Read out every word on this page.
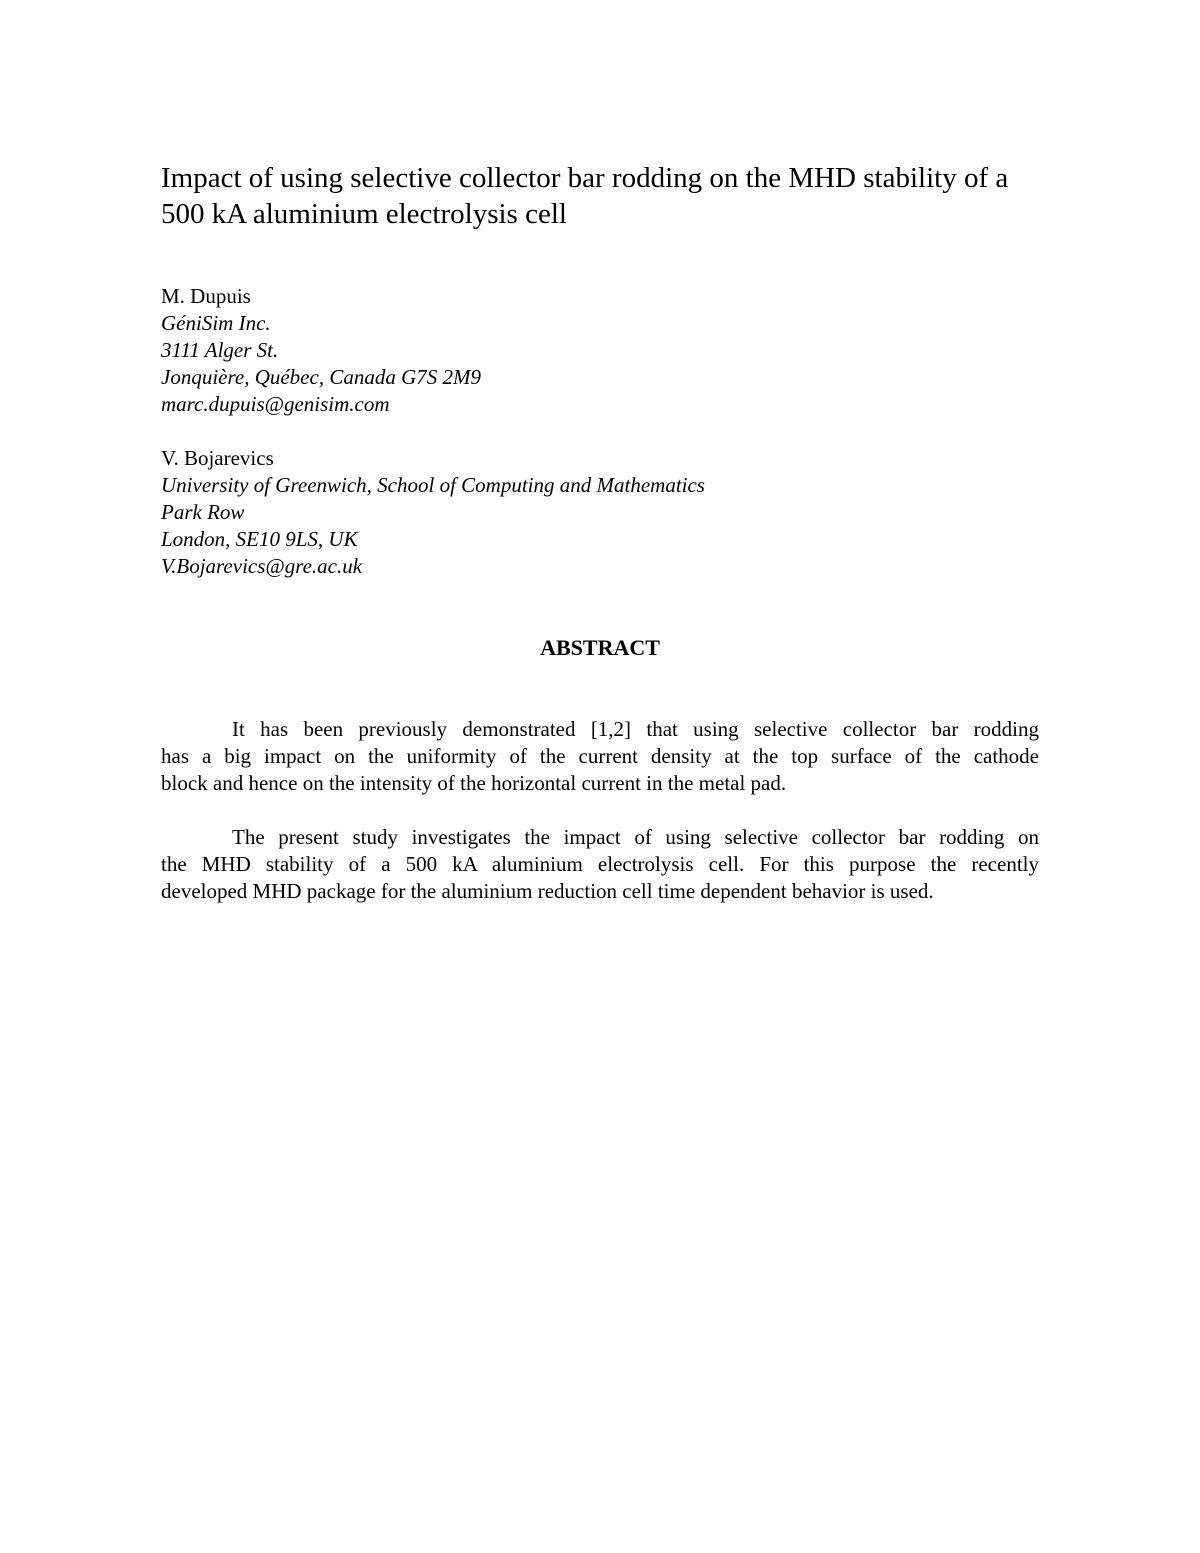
Impact of using selective collector bar rodding on the MHD stability of a
500 kA aluminium electrolysis cell
M. Dupuis
GéniSim Inc.
3111 Alger St.
Jonquière, Québec, Canada G7S 2M9
marc.dupuis@genisim.com
V. Bojarevics
University of Greenwich, School of Computing and Mathematics
Park Row
London, SE10 9LS, UK
V.Bojarevics@gre.ac.uk
ABSTRACT
It has been previously demonstrated [1,2] that using selective collector bar rodding
has a big impact on the uniformity of the current density at the top surface of the cathode
block and hence on the intensity of the horizontal current in the metal pad.
The present study investigates the impact of using selective collector bar rodding on
the MHD stability of a 500 kA aluminium electrolysis cell. For this purpose the recently
developed MHD package for the aluminium reduction cell time dependent behavior is used.
